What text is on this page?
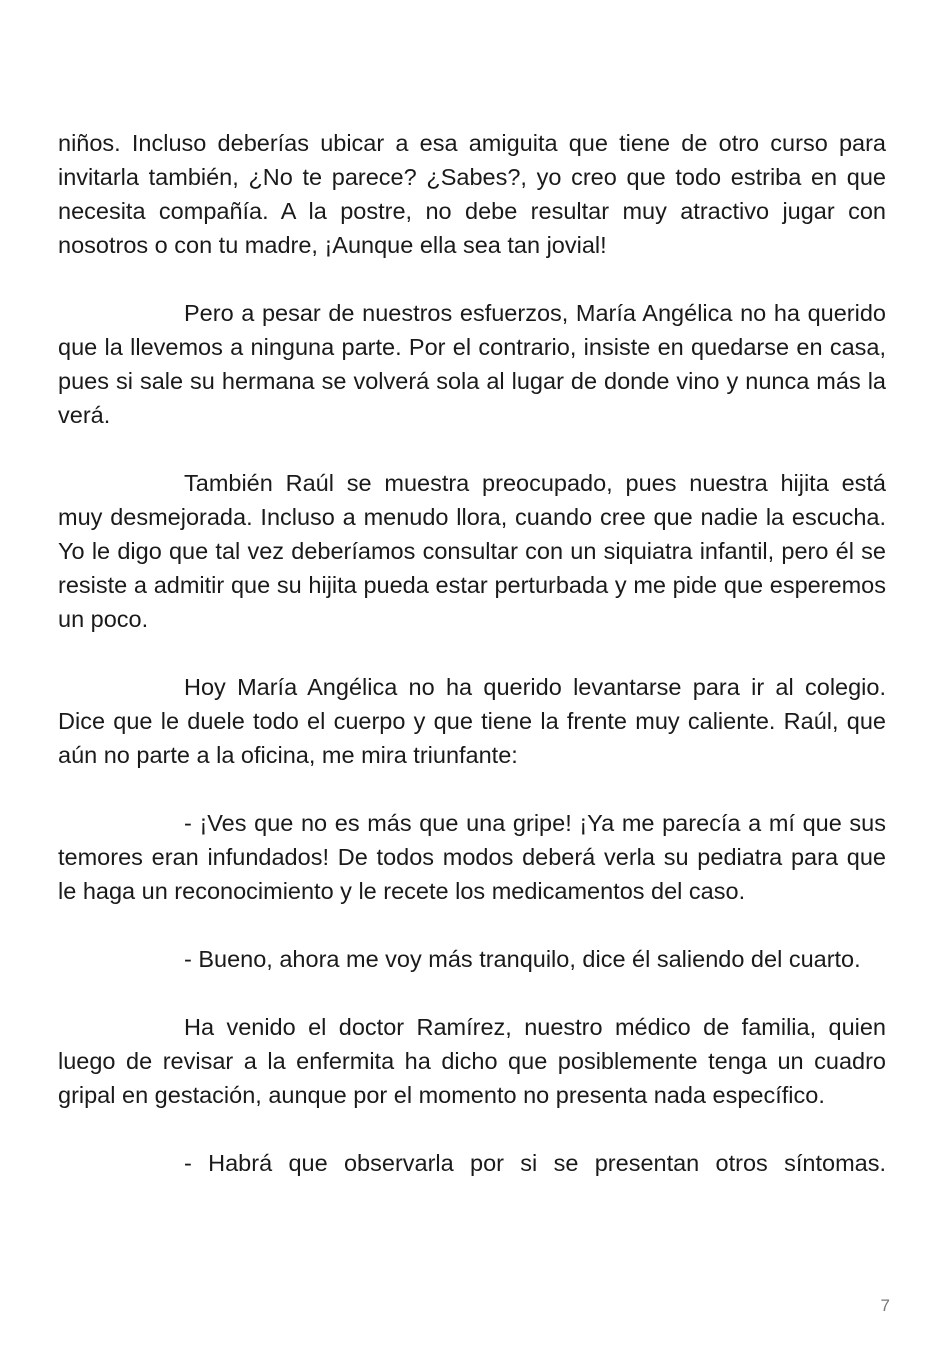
niños. Incluso deberías ubicar a esa amiguita que tiene de otro curso para invitarla también, ¿No te parece? ¿Sabes?, yo creo que todo estriba en que necesita compañía. A la postre, no debe resultar muy atractivo jugar con nosotros o con tu madre, ¡Aunque ella sea tan jovial!

Pero a pesar de nuestros esfuerzos, María Angélica no ha querido que la llevemos a ninguna parte. Por el contrario, insiste en quedarse en casa, pues si sale su hermana se volverá sola al lugar de donde vino y nunca más la verá.

También Raúl se muestra preocupado, pues nuestra hijita está muy desmejorada. Incluso a menudo llora, cuando cree que nadie la escucha. Yo le digo que tal vez deberíamos consultar con un siquiatra infantil, pero él se resiste a admitir que su hijita pueda estar perturbada y me pide que esperemos un poco.

Hoy María Angélica no ha querido levantarse para ir al colegio. Dice que le duele todo el cuerpo y que tiene la frente muy caliente. Raúl, que aún no parte a la oficina, me mira triunfante:

- ¡Ves que no es más que una gripe! ¡Ya me parecía a mí que sus temores eran infundados! De todos modos deberá verla su pediatra para que le haga un reconocimiento y le recete los medicamentos del caso.

- Bueno, ahora me voy más tranquilo, dice él saliendo del cuarto.

Ha venido el doctor Ramírez, nuestro médico de familia, quien luego de revisar a la enfermita ha dicho que posiblemente tenga un cuadro gripal en gestación, aunque por el momento no presenta nada específico.

- Habrá que observarla por si se presentan otros síntomas.

7
